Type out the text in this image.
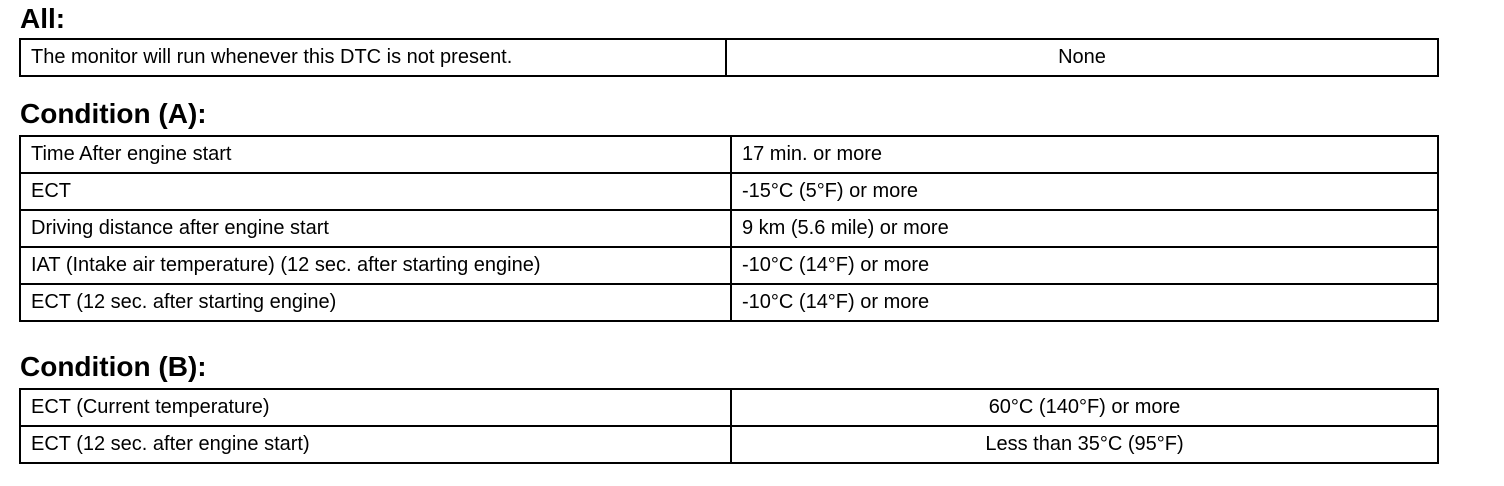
All:
The monitor will run whenever this DTC is not present.	None
Condition (A):
Time After engine start	17 min. or more
ECT	-15°C (5°F) or more
Driving distance after engine start	9 km (5.6 mile) or more
IAT (Intake air temperature) (12 sec. after starting engine)	-10°C (14°F) or more
ECT (12 sec. after starting engine)	-10°C (14°F) or more
Condition (B):
ECT (Current temperature)	60°C (140°F) or more
ECT (12 sec. after engine start)	Less than 35°C (95°F)
